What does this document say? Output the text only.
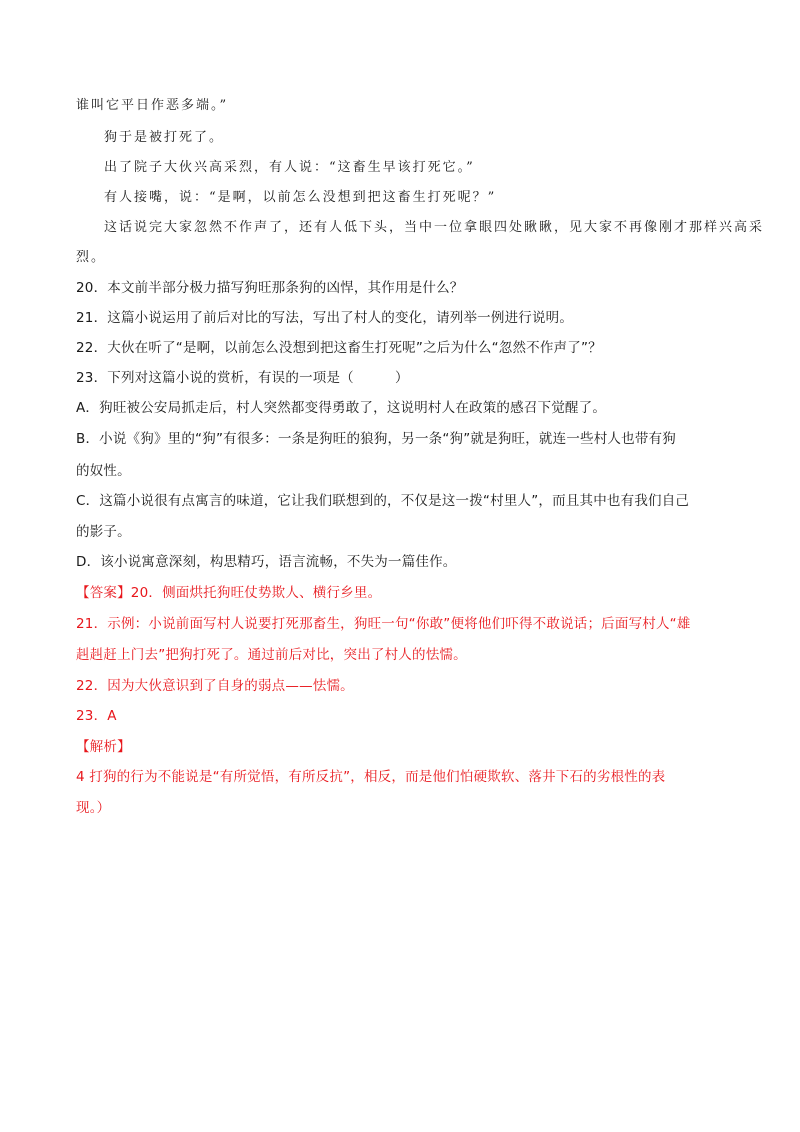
谁叫它平日作恶多端。”
狗于是被打死了。
出了院子大伙兴高采烈，有人说：“这畜生早该打死它。”
有人接嘴，说：“是啊，以前怎么没想到把这畜生打死呢？”
这话说完大家忽然不作声了，还有人低下头，当中一位拿眼四处瞅瞅，见大家不再像刚才那样兴高采
烈。
20．本文前半部分极力描写狗旺那条狗的凶悍，其作用是什么？
21．这篇小说运用了前后对比的写法，写出了村人的变化，请列举一例进行说明。
22．大伙在听了“是啊，以前怎么没想到把这畜生打死呢”之后为什么“忽然不作声了”？
23．下列对这篇小说的赏析，有误的一项是（　　　）
A．狗旺被公安局抓走后，村人突然都变得勇敢了，这说明村人在政策的感召下觉醒了。
B．小说《狗》里的“狗”有很多：一条是狗旺的狼狗，另一条“狗”就是狗旺，就连一些村人也带有狗
的奴性。
C．这篇小说很有点寓言的味道，它让我们联想到的，不仅是这一拨“村里人”，而且其中也有我们自己
的影子。
D．该小说寓意深刻，构思精巧，语言流畅，不失为一篇佳作。
【答案】20．侧面烘托狗旺仗势欺人、横行乡里。
21．示例：小说前面写村人说要打死那畜生，狗旺一句“你敢”便将他们吓得不敢说话；后面写村人“雄
赳赳赶上门去”把狗打死了。通过前后对比，突出了村人的怯懦。
22．因为大伙意识到了自身的弱点——怯懦。
23．A
【解析】
4 打狗的行为不能说是“有所觉悟，有所反抗”，相反，而是他们怕硬欺软、落井下石的劣根性的表
现。）
